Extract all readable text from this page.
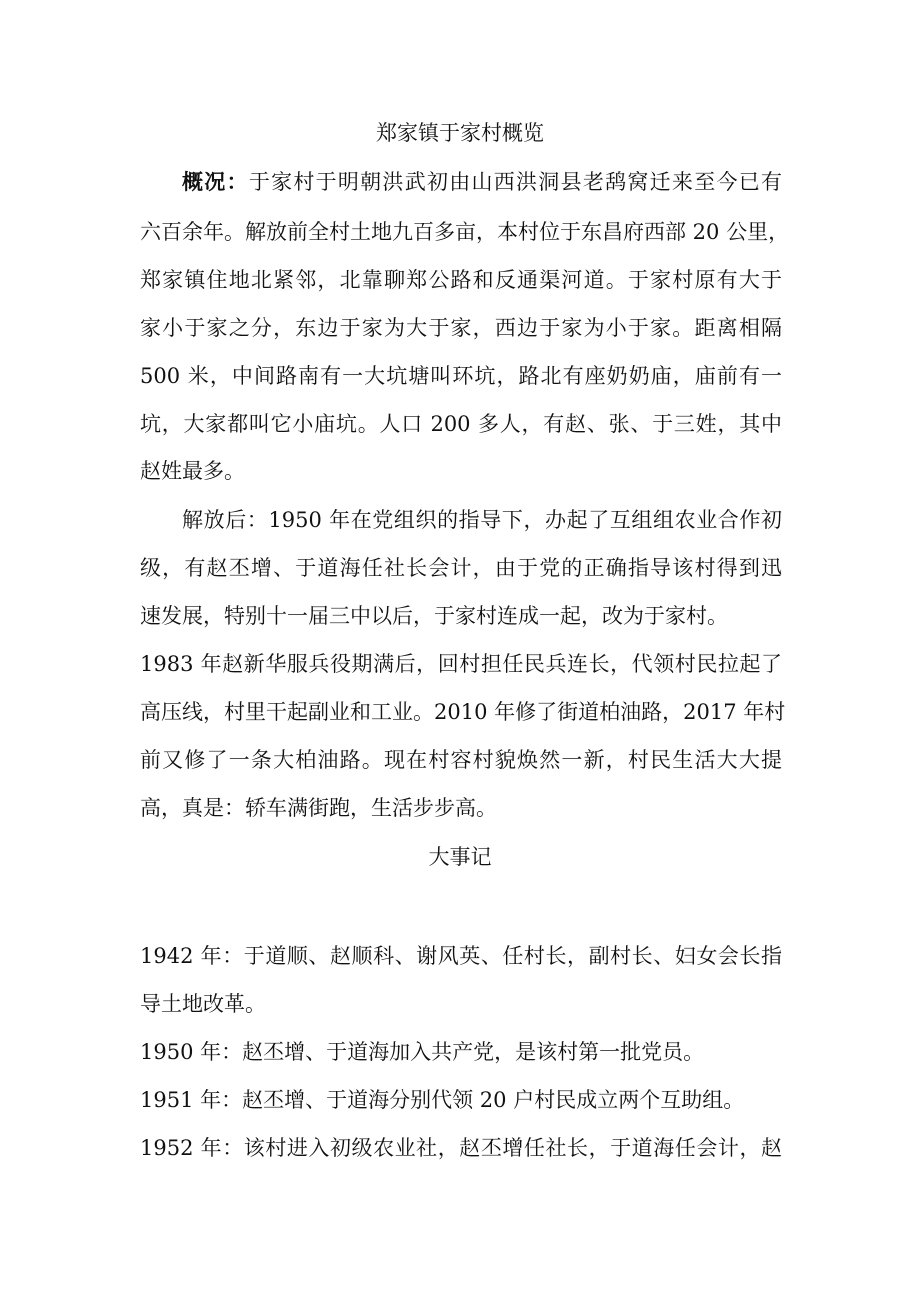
郑家镇于家村概览
概况：于家村于明朝洪武初由山西洪洞县老鸹窝迁来至今已有
六百余年。解放前全村土地九百多亩，本村位于东昌府西部 20 公里，
郑家镇住地北紧邻，北靠聊郑公路和反通渠河道。于家村原有大于
家小于家之分，东边于家为大于家，西边于家为小于家。距离相隔
500 米，中间路南有一大坑塘叫环坑，路北有座奶奶庙，庙前有一
坑，大家都叫它小庙坑。人口 200 多人，有赵、张、于三姓，其中
赵姓最多。
解放后：1950 年在党组织的指导下，办起了互组组农业合作初
级，有赵丕增、于道海任社长会计，由于党的正确指导该村得到迅
速发展，特别十一届三中以后，于家村连成一起，改为于家村。
1983 年赵新华服兵役期满后，回村担任民兵连长，代领村民拉起了
高压线，村里干起副业和工业。2010 年修了街道柏油路，2017 年村
前又修了一条大柏油路。现在村容村貌焕然一新，村民生活大大提
高，真是：轿车满街跑，生活步步高。
大事记
1942 年：于道顺、赵顺科、谢风英、任村长，副村长、妇女会长指
导土地改革。
1950 年：赵丕增、于道海加入共产党，是该村第一批党员。
1951 年：赵丕增、于道海分别代领 20 户村民成立两个互助组。
1952 年：该村进入初级农业社，赵丕增任社长，于道海任会计，赵
